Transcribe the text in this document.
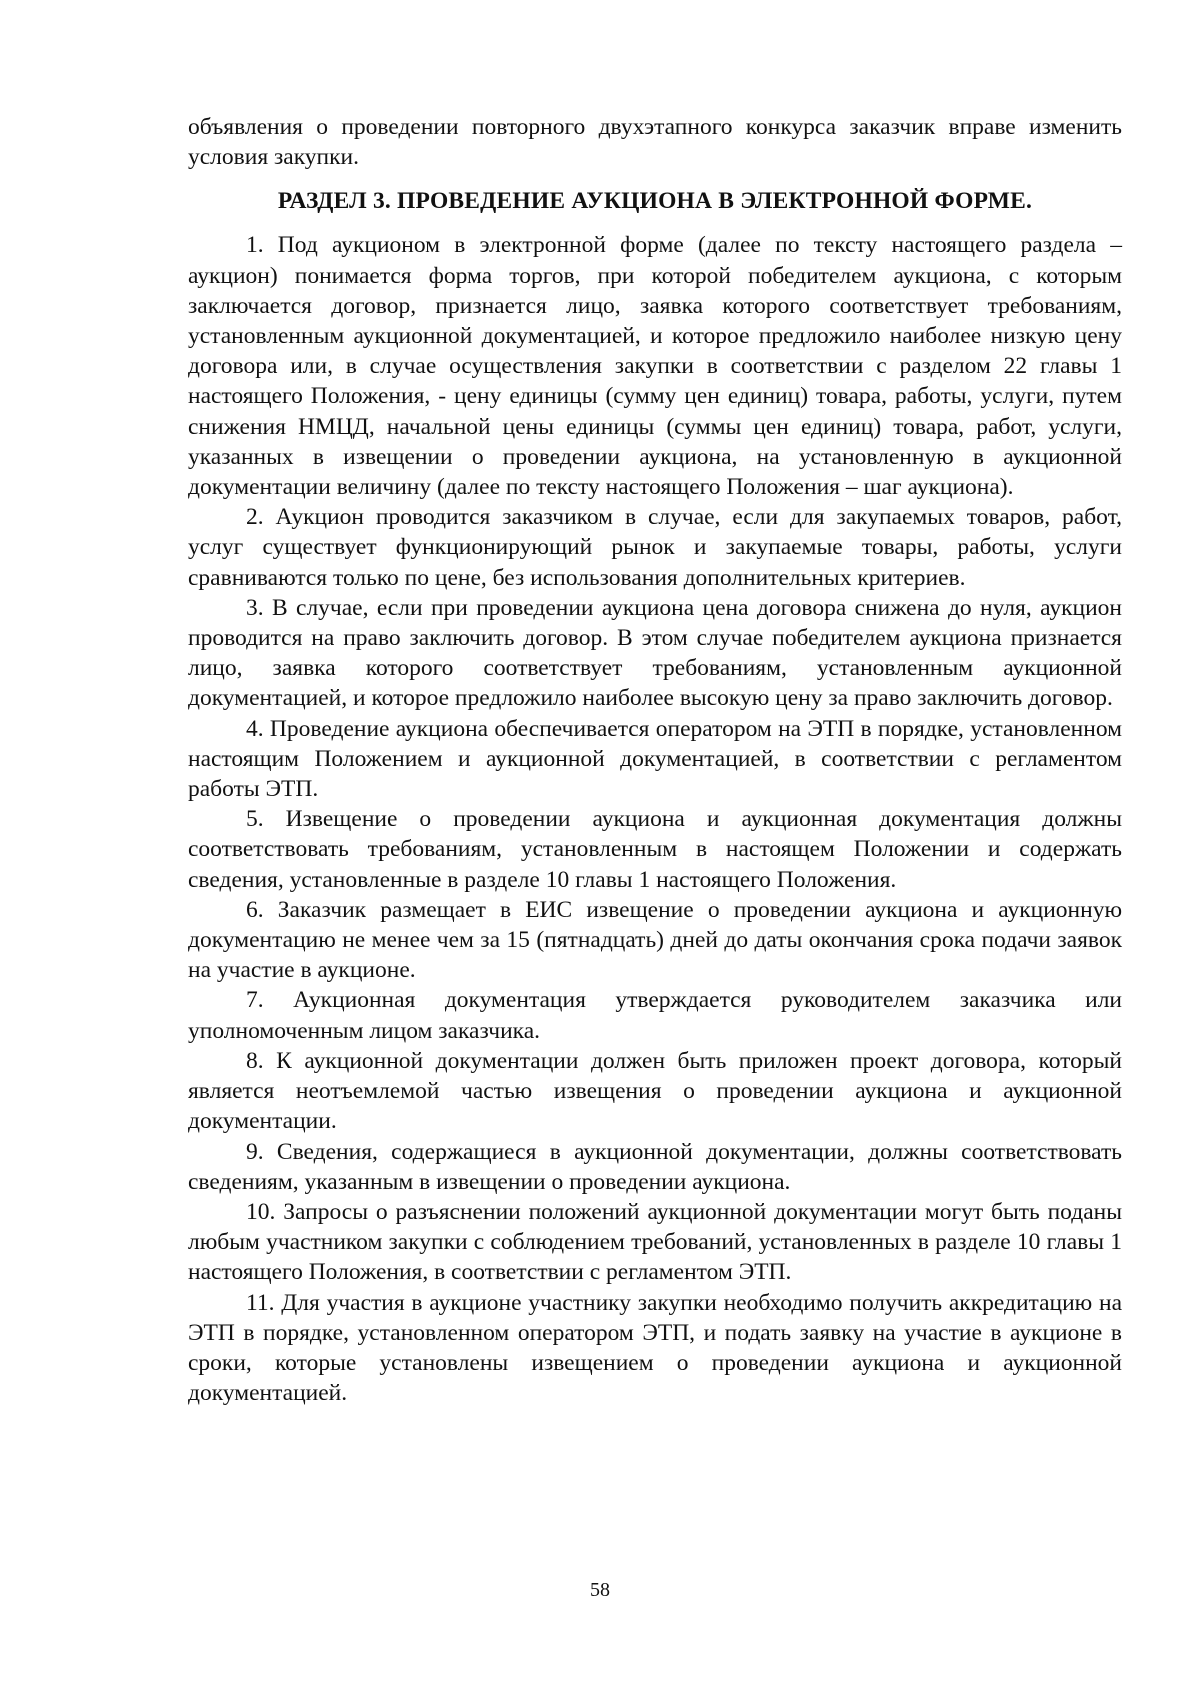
объявления о проведении повторного двухэтапного конкурса заказчик вправе изменить условия закупки.

РАЗДЕЛ 3. ПРОВЕДЕНИЕ АУКЦИОНА В ЭЛЕКТРОННОЙ ФОРМЕ.

1. Под аукционом в электронной форме (далее по тексту настоящего раздела – аукцион) понимается форма торгов, при которой победителем аукциона, с которым заключается договор, признается лицо, заявка которого соответствует требованиям, установленным аукционной документацией, и которое предложило наиболее низкую цену договора или, в случае осуществления закупки в соответствии с разделом 22 главы 1 настоящего Положения, - цену единицы (сумму цен единиц) товара, работы, услуги, путем снижения НМЦД, начальной цены единицы (суммы цен единиц) товара, работ, услуги, указанных в извещении о проведении аукциона, на установленную в аукционной документации величину (далее по тексту настоящего Положения – шаг аукциона).

2. Аукцион проводится заказчиком в случае, если для закупаемых товаров, работ, услуг существует функционирующий рынок и закупаемые товары, работы, услуги сравниваются только по цене, без использования дополнительных критериев.

3. В случае, если при проведении аукциона цена договора снижена до нуля, аукцион проводится на право заключить договор. В этом случае победителем аукциона признается лицо, заявка которого соответствует требованиям, установленным аукционной документацией, и которое предложило наиболее высокую цену за право заключить договор.

4. Проведение аукциона обеспечивается оператором на ЭТП в порядке, установленном настоящим Положением и аукционной документацией, в соответствии с регламентом работы ЭТП.

5. Извещение о проведении аукциона и аукционная документация должны соответствовать требованиям, установленным в настоящем Положении и содержать сведения, установленные в разделе 10 главы 1 настоящего Положения.

6. Заказчик размещает в ЕИС извещение о проведении аукциона и аукционную документацию не менее чем за 15 (пятнадцать) дней до даты окончания срока подачи заявок на участие в аукционе.

7. Аукционная документация утверждается руководителем заказчика или уполномоченным лицом заказчика.

8. К аукционной документации должен быть приложен проект договора, который является неотъемлемой частью извещения о проведении аукциона и аукционной документации.

9. Сведения, содержащиеся в аукционной документации, должны соответствовать сведениям, указанным в извещении о проведении аукциона.

10. Запросы о разъяснении положений аукционной документации могут быть поданы любым участником закупки с соблюдением требований, установленных в разделе 10 главы 1 настоящего Положения, в соответствии с регламентом ЭТП.

11. Для участия в аукционе участнику закупки необходимо получить аккредитацию на ЭТП в порядке, установленном оператором ЭТП, и подать заявку на участие в аукционе в сроки, которые установлены извещением о проведении аукциона и аукционной документацией.

58
